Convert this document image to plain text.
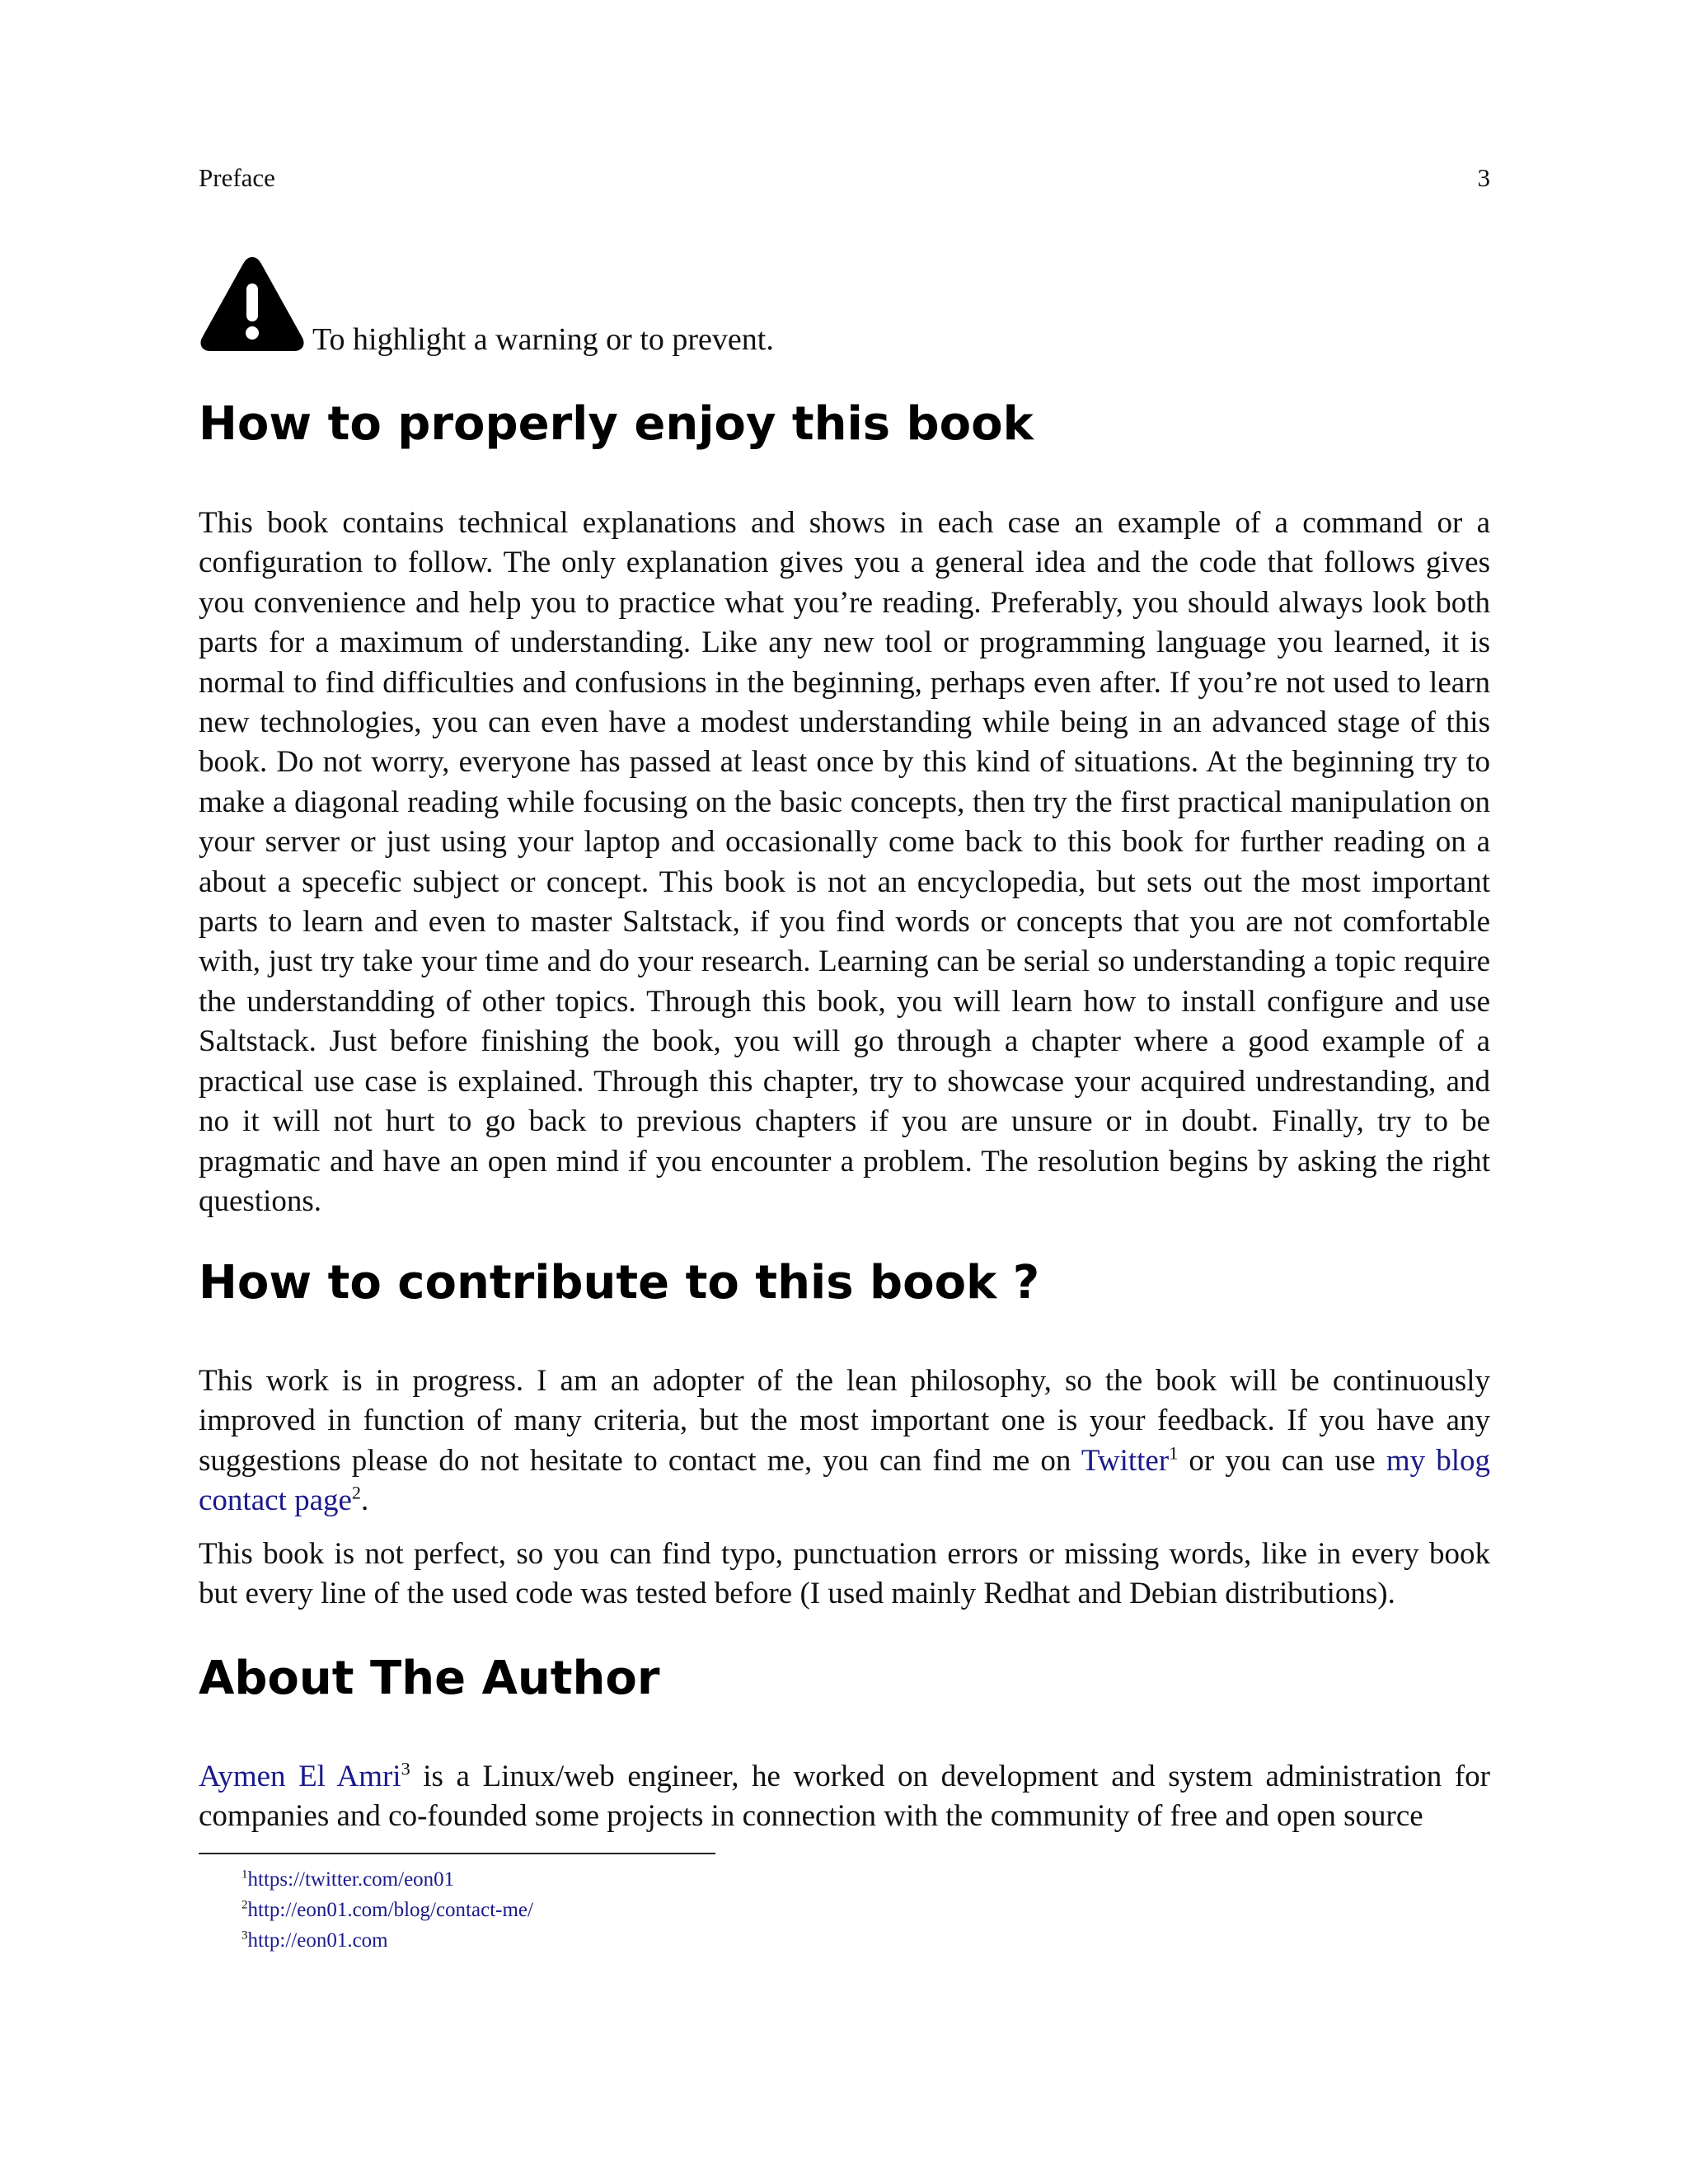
Preface	3
To highlight a warning or to prevent.
How to properly enjoy this book

This book contains technical explanations and shows in each case an example of a command or a configuration to follow. The only explanation gives you a general idea and the code that follows gives you convenience and help you to practice what you’re reading. Preferably, you should always look both parts for a maximum of understanding. Like any new tool or programming language you learned, it is normal to find difficulties and confusions in the beginning, perhaps even after. If you’re not used to learn new technologies, you can even have a modest understanding while being in an advanced stage of this book. Do not worry, everyone has passed at least once by this kind of situations. At the beginning try to make a diagonal reading while focusing on the basic concepts, then try the first practical manipulation on your server or just using your laptop and occasionally come back to this book for further reading on a about a specefic subject or concept. This book is not an encyclopedia, but sets out the most important parts to learn and even to master Saltstack, if you find words or concepts that you are not comfortable with, just try take your time and do your research. Learning can be serial so understanding a topic require the understandding of other topics. Through this book, you will learn how to install configure and use Saltstack. Just before finishing the book, you will go through a chapter where a good example of a practical use case is explained. Through this chapter, try to showcase your acquired undrestanding, and no it will not hurt to go back to previous chapters if you are unsure or in doubt. Finally, try to be pragmatic and have an open mind if you encounter a problem. The resolution begins by asking the right questions.

How to contribute to this book ?

This work is in progress. I am an adopter of the lean philosophy, so the book will be continuously improved in function of many criteria, but the most important one is your feedback. If you have any suggestions please do not hesitate to contact me, you can find me on Twitter$^1$ or you can use my blog contact page$^2$.

This book is not perfect, so you can find typo, punctuation errors or missing words, like in every book but every line of the used code was tested before (I used mainly Redhat and Debian distributions).

About The Author

Aymen El Amri$^3$ is a Linux/web engineer, he worked on development and system administration for companies and co-founded some projects in connection with the community of free and open source

$^1$https://twitter.com/eon01
$^2$http://eon01.com/blog/contact-me/
$^3$http://eon01.com
